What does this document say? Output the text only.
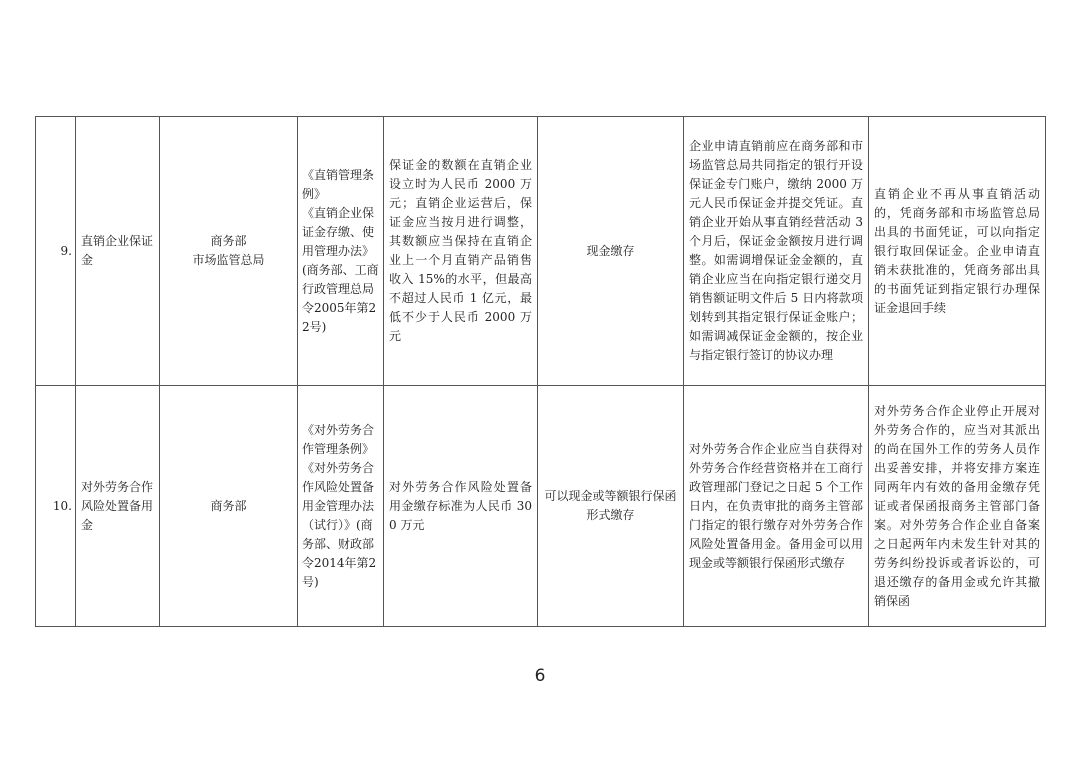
9.	直销企业保证金	商务部
市场监管总局	《直销管理条例》
《直销企业保证金存缴、使用管理办法》(商务部、工商行政管理总局令2005年第22号)	保证金的数额在直销企业设立时为人民币 2000 万元；直销企业运营后，保证金应当按月进行调整，其数额应当保持在直销企业上一个月直销产品销售收入 15%的水平，但最高不超过人民币 1 亿元，最低不少于人民币 2000 万元	现金缴存	企业申请直销前应在商务部和市场监管总局共同指定的银行开设保证金专门账户，缴纳 2000 万元人民币保证金并提交凭证。直销企业开始从事直销经营活动 3 个月后，保证金金额按月进行调整。如需调增保证金金额的，直销企业应当在向指定银行递交月销售额证明文件后 5 日内将款项划转到其指定银行保证金账户；如需调减保证金金额的，按企业与指定银行签订的协议办理	直销企业不再从事直销活动的，凭商务部和市场监管总局出具的书面凭证，可以向指定银行取回保证金。企业申请直销未获批准的，凭商务部出具的书面凭证到指定银行办理保证金退回手续
10.	对外劳务合作风险处置备用金	商务部	《对外劳务合作管理条例》
《对外劳务合作风险处置备用金管理办法（试行）》(商务部、财政部令2014年第2号)	对外劳务合作风险处置备用金缴存标准为人民币 300 万元	可以现金或等额银行保函形式缴存	对外劳务合作企业应当自获得对外劳务合作经营资格并在工商行政管理部门登记之日起 5 个工作日内，在负责审批的商务主管部门指定的银行缴存对外劳务合作风险处置备用金。备用金可以用现金或等额银行保函形式缴存	对外劳务合作企业停止开展对外劳务合作的，应当对其派出的尚在国外工作的劳务人员作出妥善安排，并将安排方案连同两年内有效的备用金缴存凭证或者保函报商务主管部门备案。对外劳务合作企业自备案之日起两年内未发生针对其的劳务纠纷投诉或者诉讼的，可退还缴存的备用金或允许其撤销保函
6
